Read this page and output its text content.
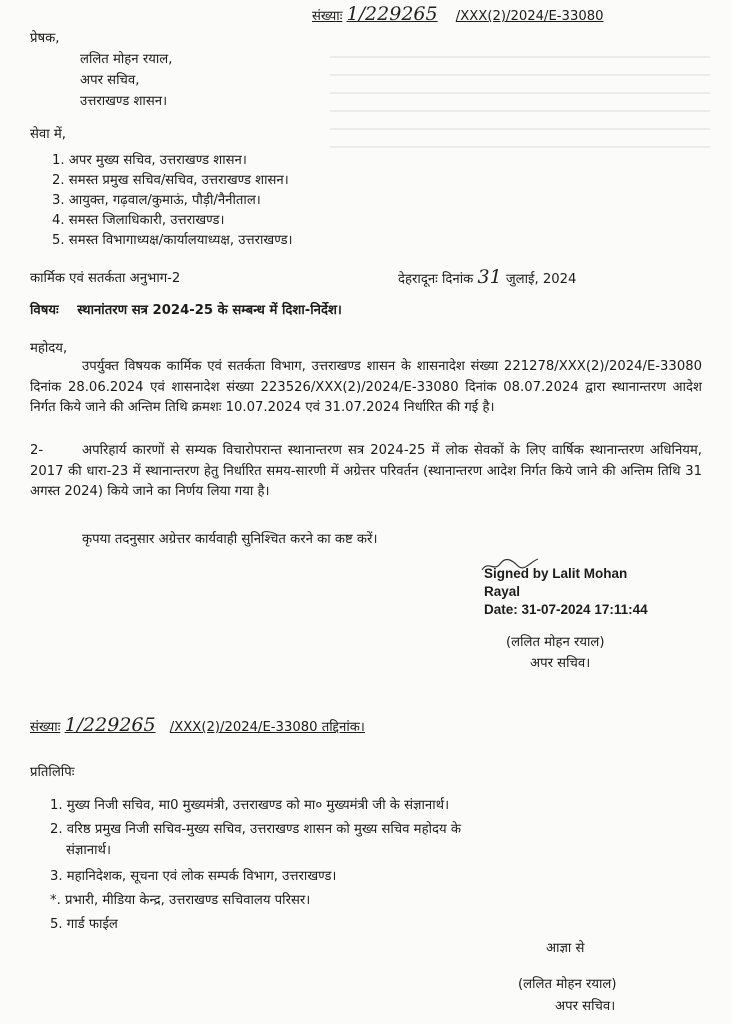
संख्याः 1/229265 /XXX(2)/2024/E-33080
प्रेषक,
ललित मोहन रयाल,
अपर सचिव,
उत्तराखण्ड शासन।
सेवा में,
1. अपर मुख्य सचिव, उत्तराखण्ड शासन।
2. समस्त प्रमुख सचिव/सचिव, उत्तराखण्ड शासन।
3. आयुक्त, गढ़वाल/कुमाऊं, पौड़ी/नैनीताल।
4. समस्त जिलाधिकारी, उत्तराखण्ड।
5. समस्त विभागाध्यक्ष/कार्यालयाध्यक्ष, उत्तराखण्ड।
कार्मिक एवं सतर्कता अनुभाग-2	देहरादूनः दिनांक 31 जुलाई, 2024
विषयः स्थानांतरण सत्र 2024-25 के सम्बन्ध में दिशा-निर्देश।
महोदय,
उपर्युक्त विषयक कार्मिक एवं सतर्कता विभाग, उत्तराखण्ड शासन के शासनादेश संख्या 221278/XXX(2)/2024/E-33080 दिनांक 28.06.2024 एवं शासनादेश संख्या 223526/XXX(2)/2024/E-33080 दिनांक 08.07.2024 द्वारा स्थानान्तरण आदेश निर्गत किये जाने की अन्तिम तिथि क्रमशः 10.07.2024 एवं 31.07.2024 निर्धारित की गई है।
2-	अपरिहार्य कारणों से सम्यक विचारोपरान्त स्थानान्तरण सत्र 2024-25 में लोक सेवकों के लिए वार्षिक स्थानान्तरण अधिनियम, 2017 की धारा-23 में स्थानान्तरण हेतु निर्धारित समय-सारणी में अग्रेत्तर परिवर्तन (स्थानान्तरण आदेश निर्गत किये जाने की अन्तिम तिथि 31 अगस्त 2024) किये जाने का निर्णय लिया गया है।
कृपया तदनुसार अग्रेत्तर कार्यवाही सुनिश्चित करने का कष्ट करें।
Signed by Lalit Mohan
Rayal
Date: 31-07-2024 17:11:44
(ललित मोहन रयाल)
अपर सचिव।
संख्याः 1/229265 /XXX(2)/2024/E-33080 तद्दिनांक।
प्रतिलिपिः
1. मुख्य निजी सचिव, मा0 मुख्यमंत्री, उत्तराखण्ड को मा० मुख्यमंत्री जी के संज्ञानार्थ।
2. वरिष्ठ प्रमुख निजी सचिव-मुख्य सचिव, उत्तराखण्ड शासन को मुख्य सचिव महोदय के
संज्ञानार्थ।
3. महानिदेशक, सूचना एवं लोक सम्पर्क विभाग, उत्तराखण्ड।
*. प्रभारी, मीडिया केन्द्र, उत्तराखण्ड सचिवालय परिसर।
5. गार्ड फाईल
आज्ञा से
(ललित मोहन रयाल)
अपर सचिव।
